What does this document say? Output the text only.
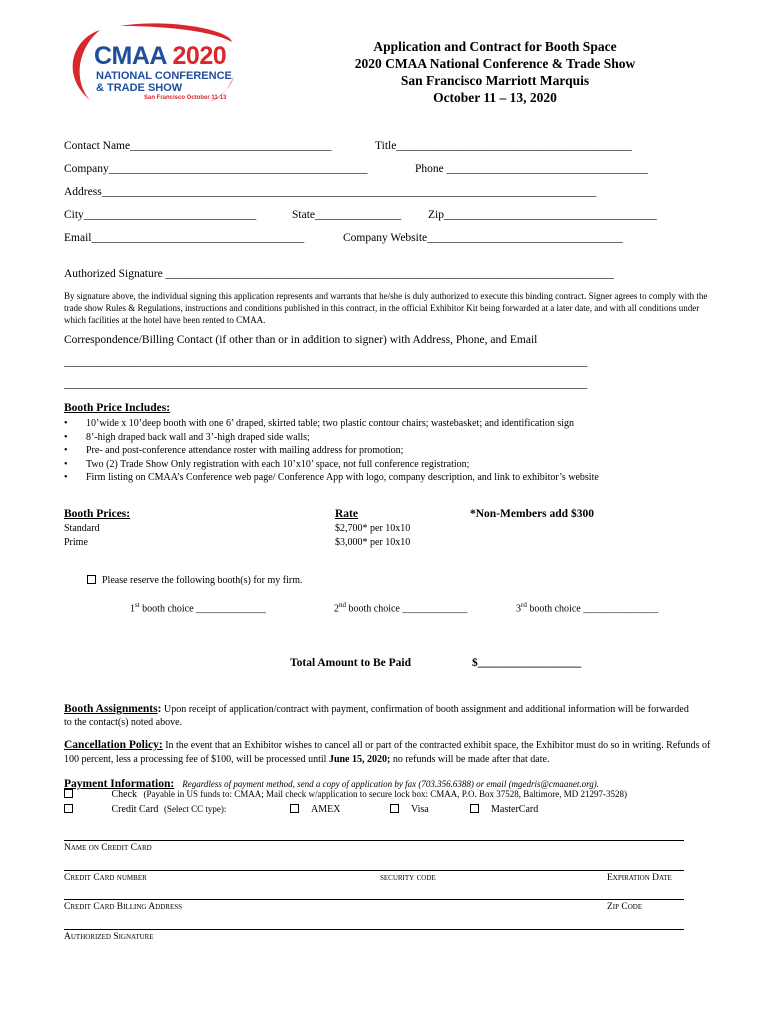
CMAA 2020
NATIONAL CONFERENCE
& TRADE SHOW
San Francisco October 11-13
Application and Contract for Booth Space
2020 CMAA National Conference & Trade Show
San Francisco Marriott Marquis
October 11 – 13, 2020
Contact Name___________________________________	Title_________________________________________
Company_____________________________________________	Phone ___________________________________
Address______________________________________________________________________________________
City______________________________	State_______________ Zip_____________________________________
Email_____________________________________	Company Website__________________________________
Authorized Signature ______________________________________________________________________________
By signature above, the individual signing this application represents and warrants that he/she is duly authorized to execute this binding contract. Signer agrees to comply with the trade show Rules & Regulations, instructions and conditions published in this contract, in the official Exhibitor Kit being forwarded at a later date, and with all conditions under which facilities at the hotel have been rented to CMAA.
Correspondence/Billing Contact (if other than or in addition to signer) with Address, Phone, and Email
___________________________________________________________________________________________
___________________________________________________________________________________________
Booth Price Includes:
• 10’wide x 10’deep booth with one 6’ draped, skirted table; two plastic contour chairs; wastebasket; and identification sign
• 8’-high draped back wall and 3’-high draped side walls;
• Pre- and post-conference attendance roster with mailing address for promotion;
• Two (2) Trade Show Only registration with each 10’x10’ space, not full conference registration;
• Firm listing on CMAA’s Conference web page/ Conference App with logo, company description, and link to exhibitor’s website
Booth Prices:	Rate	*Non-Members add $300
Standard	$2,700* per 10x10
Prime	$3,000* per 10x10
Please reserve the following booth(s) for my firm.
1st booth choice ______________	2nd booth choice _____________	3rd booth choice _______________
Total Amount to Be Paid	$__________________
Booth Assignments: Upon receipt of application/contract with payment, confirmation of booth assignment and additional information will be forwarded to the contact(s) noted above.
Cancellation Policy: In the event that an Exhibitor wishes to cancel all or part of the contracted exhibit space, the Exhibitor must do so in writing. Refunds of 100 percent, less a processing fee of $100, will be processed until June 15, 2020; no refunds will be made after that date.
Payment Information: Regardless of payment method, send a copy of application by fax (703.356.6388) or email (mgedris@cmaanet.org).
Check (Payable in US funds to: CMAA; Mail check w/application to secure lock box: CMAA, P.O. Box 37528, Baltimore, MD 21297-3528)
Credit Card (Select CC type):	AMEX	Visa	MasterCard
Name on Credit Card
Credit Card number	security code	Expiration Date
Credit Card Billing Address	Zip Code
Authorized Signature
